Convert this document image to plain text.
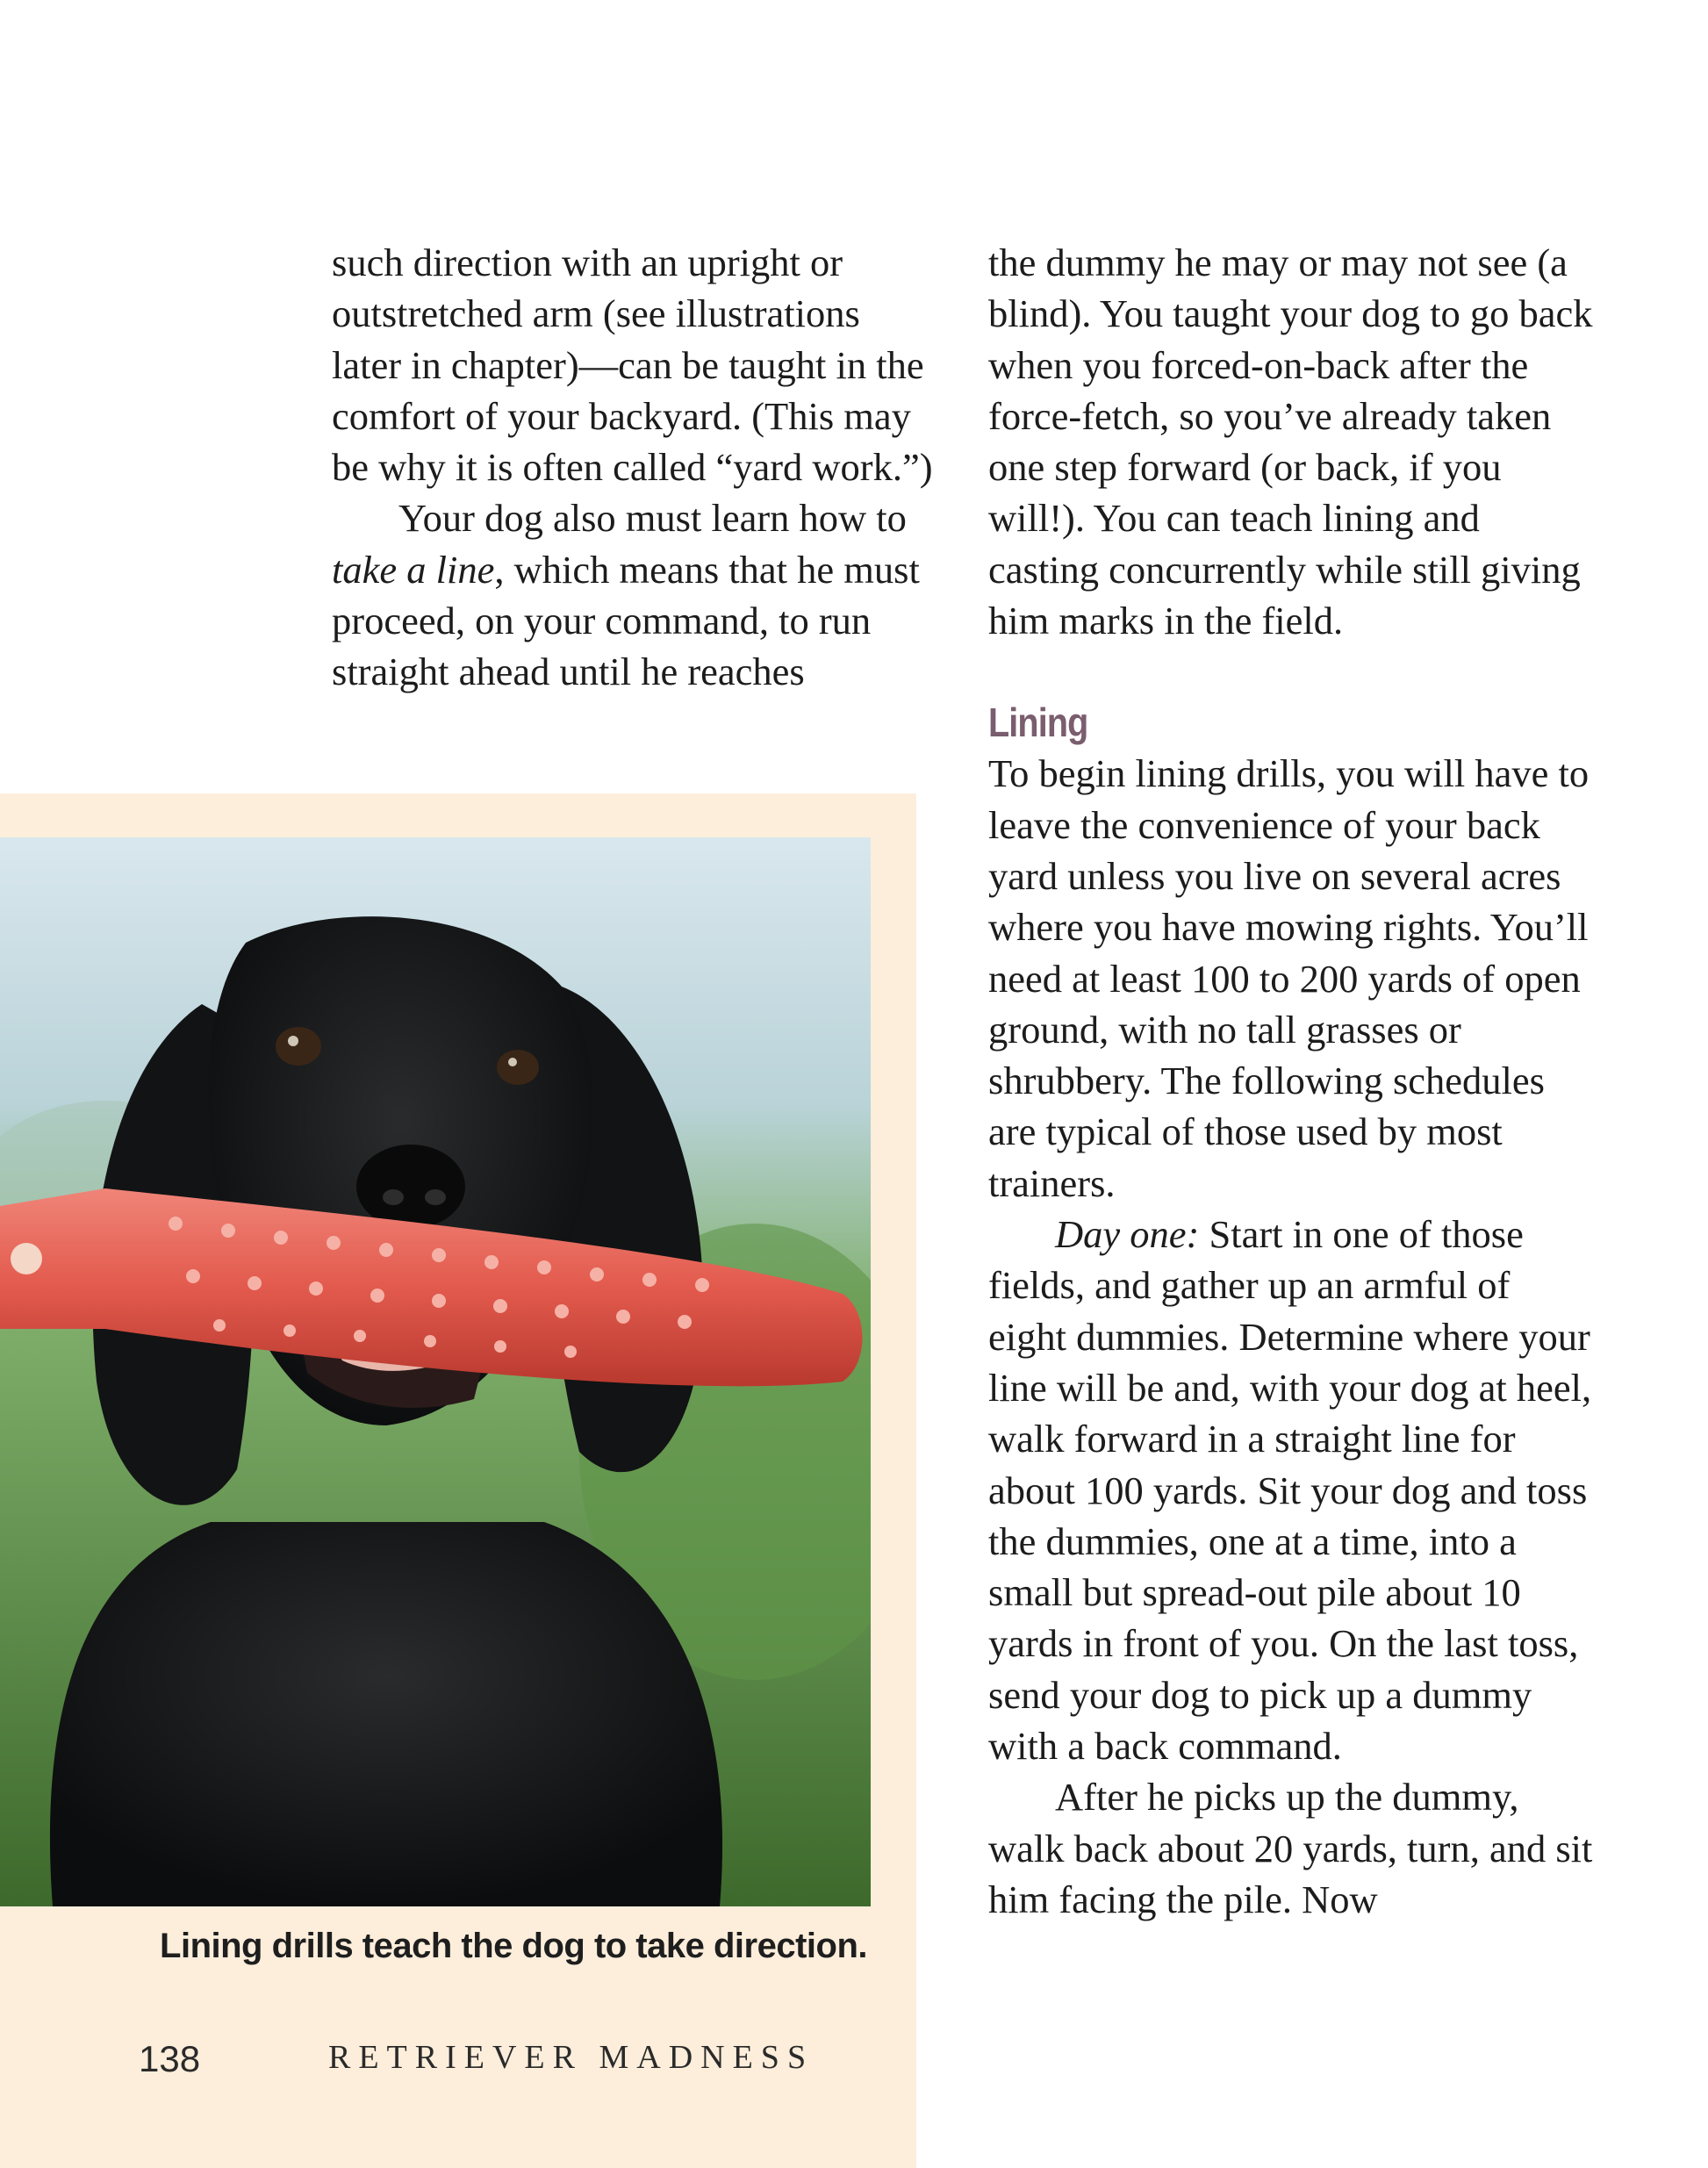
such direction with an upright or outstretched arm (see illustrations later in chapter)—can be taught in the comfort of your backyard. (This may be why it is often called “yard work.”)

Your dog also must learn how to take a line, which means that he must proceed, on your command, to run straight ahead until he reaches

the dummy he may or may not see (a blind). You taught your dog to go back when you forced-on-back after the force-fetch, so you’ve already taken one step forward (or back, if you will!). You can teach lining and casting concurrently while still giving him marks in the field.

Lining

To begin lining drills, you will have to leave the convenience of your back yard unless you live on several acres where you have mowing rights. You’ll need at least 100 to 200 yards of open ground, with no tall grasses or shrubbery. The following schedules are typical of those used by most trainers.

Day one: Start in one of those fields, and gather up an armful of eight dummies. Determine where your line will be and, with your dog at heel, walk forward in a straight line for about 100 yards. Sit your dog and toss the dummies, one at a time, into a small but spread-out pile about 10 yards in front of you. On the last toss, send your dog to pick up a dummy with a back command.

After he picks up the dummy, walk back about 20 yards, turn, and sit him facing the pile. Now

Lining drills teach the dog to take direction.
138	RETRIEVER MADNESS
